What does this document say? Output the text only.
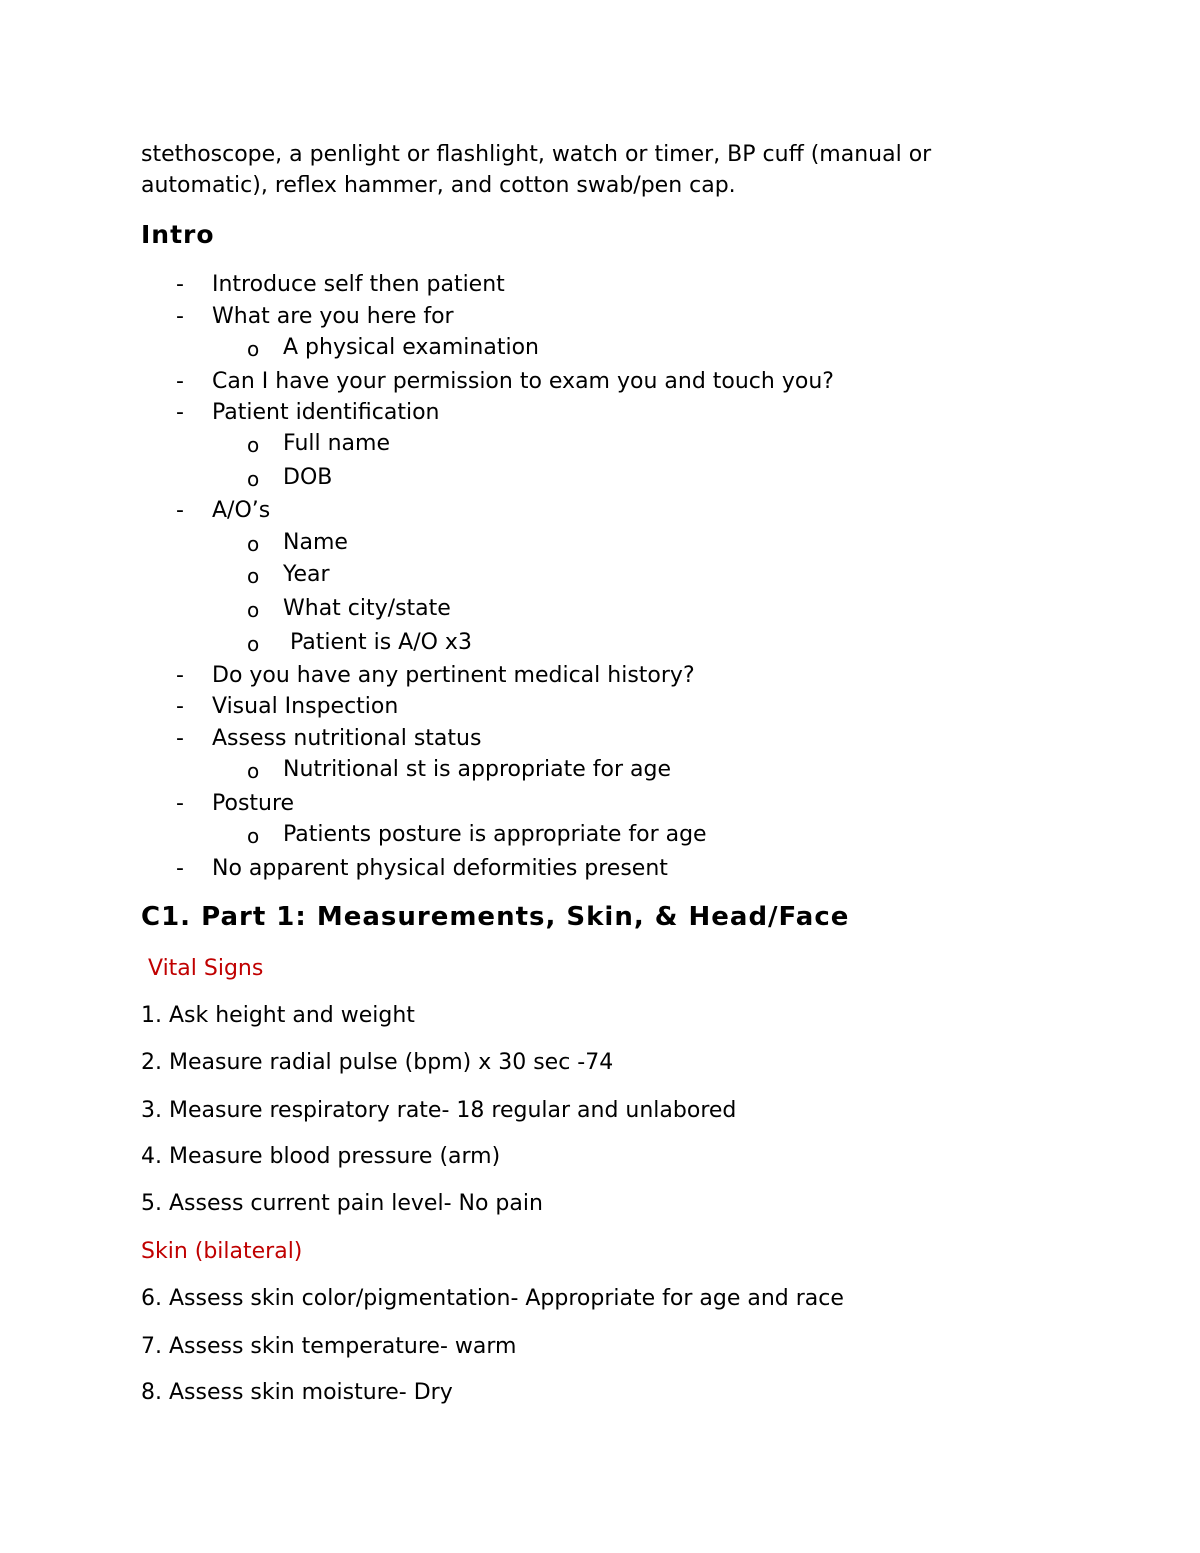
stethoscope, a penlight or flashlight, watch or timer, BP cuff (manual or
automatic), reflex hammer, and cotton swab/pen cap.
Intro
- Introduce self then patient
- What are you here for
o A physical examination
- Can I have your permission to exam you and touch you?
- Patient identification
o Full name
o DOB
- A/O’s
o Name
o Year
o What city/state
o Patient is A/O x3
- Do you have any pertinent medical history?
- Visual Inspection
- Assess nutritional status
o Nutritional st is appropriate for age
- Posture
o Patients posture is appropriate for age
- No apparent physical deformities present
C1. Part 1: Measurements, Skin, & Head/Face
Vital Signs
1. Ask height and weight
2. Measure radial pulse (bpm) x 30 sec -74
3. Measure respiratory rate- 18 regular and unlabored
4. Measure blood pressure (arm)
5. Assess current pain level- No pain
Skin (bilateral)
6. Assess skin color/pigmentation- Appropriate for age and race
7. Assess skin temperature- warm
8. Assess skin moisture- Dry
